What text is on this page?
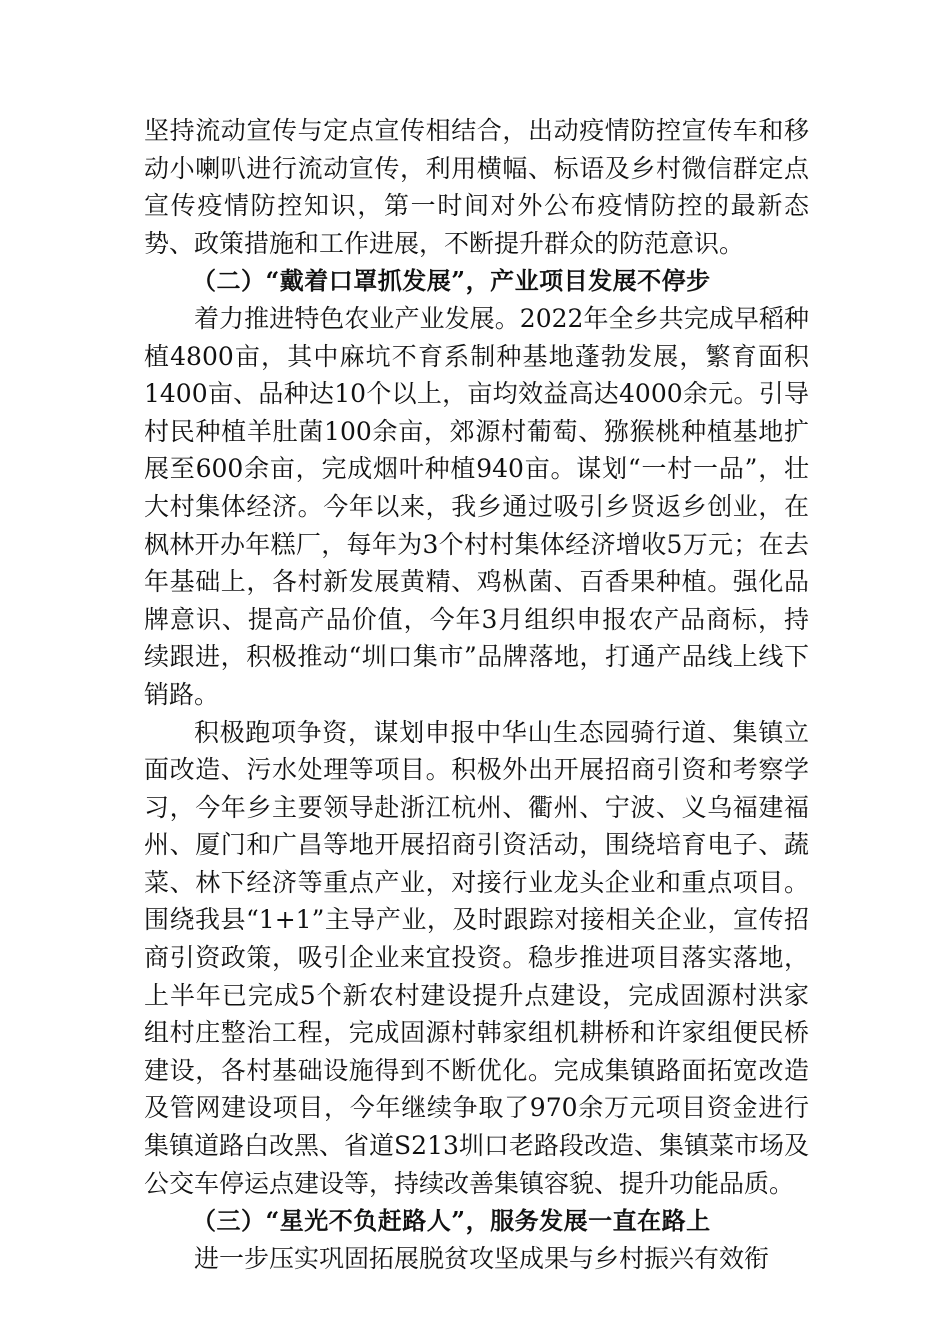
坚持流动宣传与定点宣传相结合，出动疫情防控宣传车和移动小喇叭进行流动宣传，利用横幅、标语及乡村微信群定点宣传疫情防控知识，第一时间对外公布疫情防控的最新态势、政策措施和工作进展，不断提升群众的防范意识。

（二）“戴着口罩抓发展”，产业项目发展不停步

着力推进特色农业产业发展。2022年全乡共完成早稻种植4800亩，其中麻坑不育系制种基地蓬勃发展，繁育面积1400亩、品种达10个以上，亩均效益高达4000余元。引导村民种植羊肚菌100余亩，郊源村葡萄、猕猴桃种植基地扩展至600余亩，完成烟叶种植940亩。谋划“一村一品”，壮大村集体经济。今年以来，我乡通过吸引乡贤返乡创业，在枫林开办年糕厂，每年为3个村村集体经济增收5万元；在去年基础上，各村新发展黄精、鸡枞菌、百香果种植。强化品牌意识、提高产品价值，今年3月组织申报农产品商标，持续跟进，积极推动“圳口集市”品牌落地，打通产品线上线下销路。

积极跑项争资，谋划申报中华山生态园骑行道、集镇立面改造、污水处理等项目。积极外出开展招商引资和考察学习，今年乡主要领导赴浙江杭州、衢州、宁波、义乌福建福州、厦门和广昌等地开展招商引资活动，围绕培育电子、蔬菜、林下经济等重点产业，对接行业龙头企业和重点项目。围绕我县“1+1”主导产业，及时跟踪对接相关企业，宣传招商引资政策，吸引企业来宜投资。稳步推进项目落实落地，上半年已完成5个新农村建设提升点建设，完成固源村洪家组村庄整治工程，完成固源村韩家组机耕桥和许家组便民桥建设，各村基础设施得到不断优化。完成集镇路面拓宽改造及管网建设项目，今年继续争取了970余万元项目资金进行集镇道路白改黑、省道S213圳口老路段改造、集镇菜市场及公交车停运点建设等，持续改善集镇容貌、提升功能品质。

（三）“星光不负赶路人”，服务发展一直在路上

进一步压实巩固拓展脱贫攻坚成果与乡村振兴有效衔
